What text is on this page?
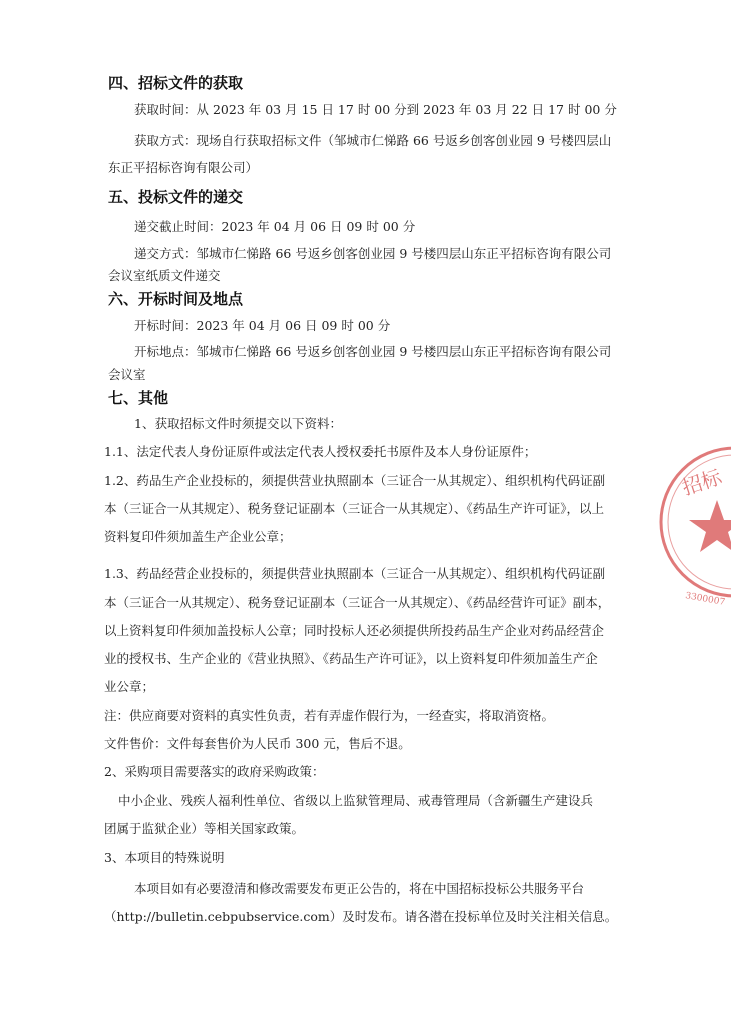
四、招标文件的获取
获取时间：从 2023 年 03 月 15 日 17 时 00 分到 2023 年 03 月 22 日 17 时 00 分
获取方式：现场自行获取招标文件（邹城市仁悌路 66 号返乡创客创业园 9 号楼四层山
东正平招标咨询有限公司）
五、投标文件的递交
递交截止时间：2023 年 04 月 06 日 09 时 00 分
递交方式：邹城市仁悌路 66 号返乡创客创业园 9 号楼四层山东正平招标咨询有限公司
会议室纸质文件递交
六、开标时间及地点
开标时间：2023 年 04 月 06 日 09 时 00 分
开标地点：邹城市仁悌路 66 号返乡创客创业园 9 号楼四层山东正平招标咨询有限公司
会议室
七、其他
1、获取招标文件时须提交以下资料：
1.1、法定代表人身份证原件或法定代表人授权委托书原件及本人身份证原件；
1.2、药品生产企业投标的，须提供营业执照副本（三证合一从其规定）、组织机构代码证副
本（三证合一从其规定）、税务登记证副本（三证合一从其规定）、《药品生产许可证》，以上
资料复印件须加盖生产企业公章；
1.3、药品经营企业投标的，须提供营业执照副本（三证合一从其规定）、组织机构代码证副
本（三证合一从其规定）、税务登记证副本（三证合一从其规定）、《药品经营许可证》副本，
以上资料复印件须加盖投标人公章；同时投标人还必须提供所投药品生产企业对药品经营企
业的授权书、生产企业的《营业执照》、《药品生产许可证》，以上资料复印件须加盖生产企
业公章；
注：供应商要对资料的真实性负责，若有弄虚作假行为，一经查实，将取消资格。
文件售价：文件每套售价为人民币 300 元，售后不退。
2、采购项目需要落实的政府采购政策：
中小企业、残疾人福利性单位、省级以上监狱管理局、戒毒管理局（含新疆生产建设兵
团属于监狱企业）等相关国家政策。
3、本项目的特殊说明
本项目如有必要澄清和修改需要发布更正公告的，将在中国招标投标公共服务平台
（http://bulletin.cebpubservice.com）及时发布。请各潜在投标单位及时关注相关信息。
招标
3300007
